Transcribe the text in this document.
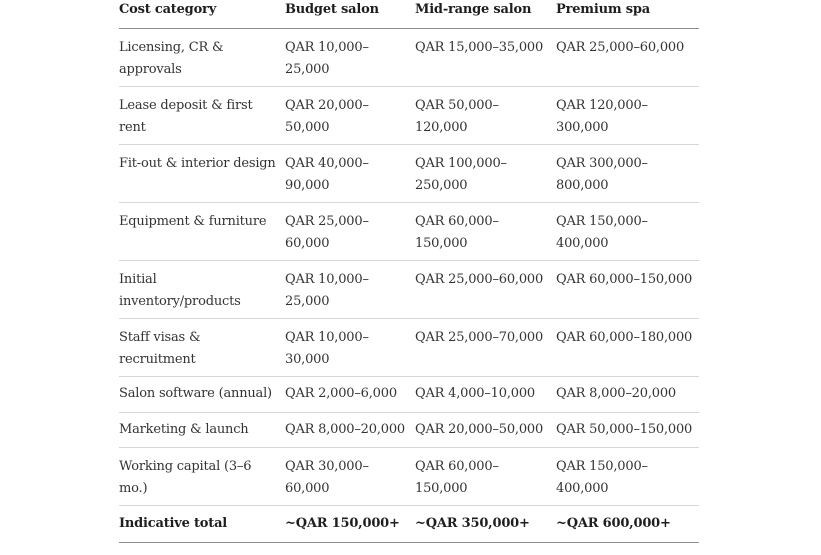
Cost category	Budget salon	Mid-range salon	Premium spa
Licensing, CR & approvals	QAR 10,000–25,000	QAR 15,000–35,000	QAR 25,000–60,000
Lease deposit & first rent	QAR 20,000–50,000	QAR 50,000–120,000	QAR 120,000–300,000
Fit-out & interior design	QAR 40,000–90,000	QAR 100,000–250,000	QAR 300,000–800,000
Equipment & furniture	QAR 25,000–60,000	QAR 60,000–150,000	QAR 150,000–400,000
Initial inventory/products	QAR 10,000–25,000	QAR 25,000–60,000	QAR 60,000–150,000
Staff visas & recruitment	QAR 10,000–30,000	QAR 25,000–70,000	QAR 60,000–180,000
Salon software (annual)	QAR 2,000–6,000	QAR 4,000–10,000	QAR 8,000–20,000
Marketing & launch	QAR 8,000–20,000	QAR 20,000–50,000	QAR 50,000–150,000
Working capital (3–6 mo.)	QAR 30,000–60,000	QAR 60,000–150,000	QAR 150,000–400,000
Indicative total	~QAR 150,000+	~QAR 350,000+	~QAR 600,000+
